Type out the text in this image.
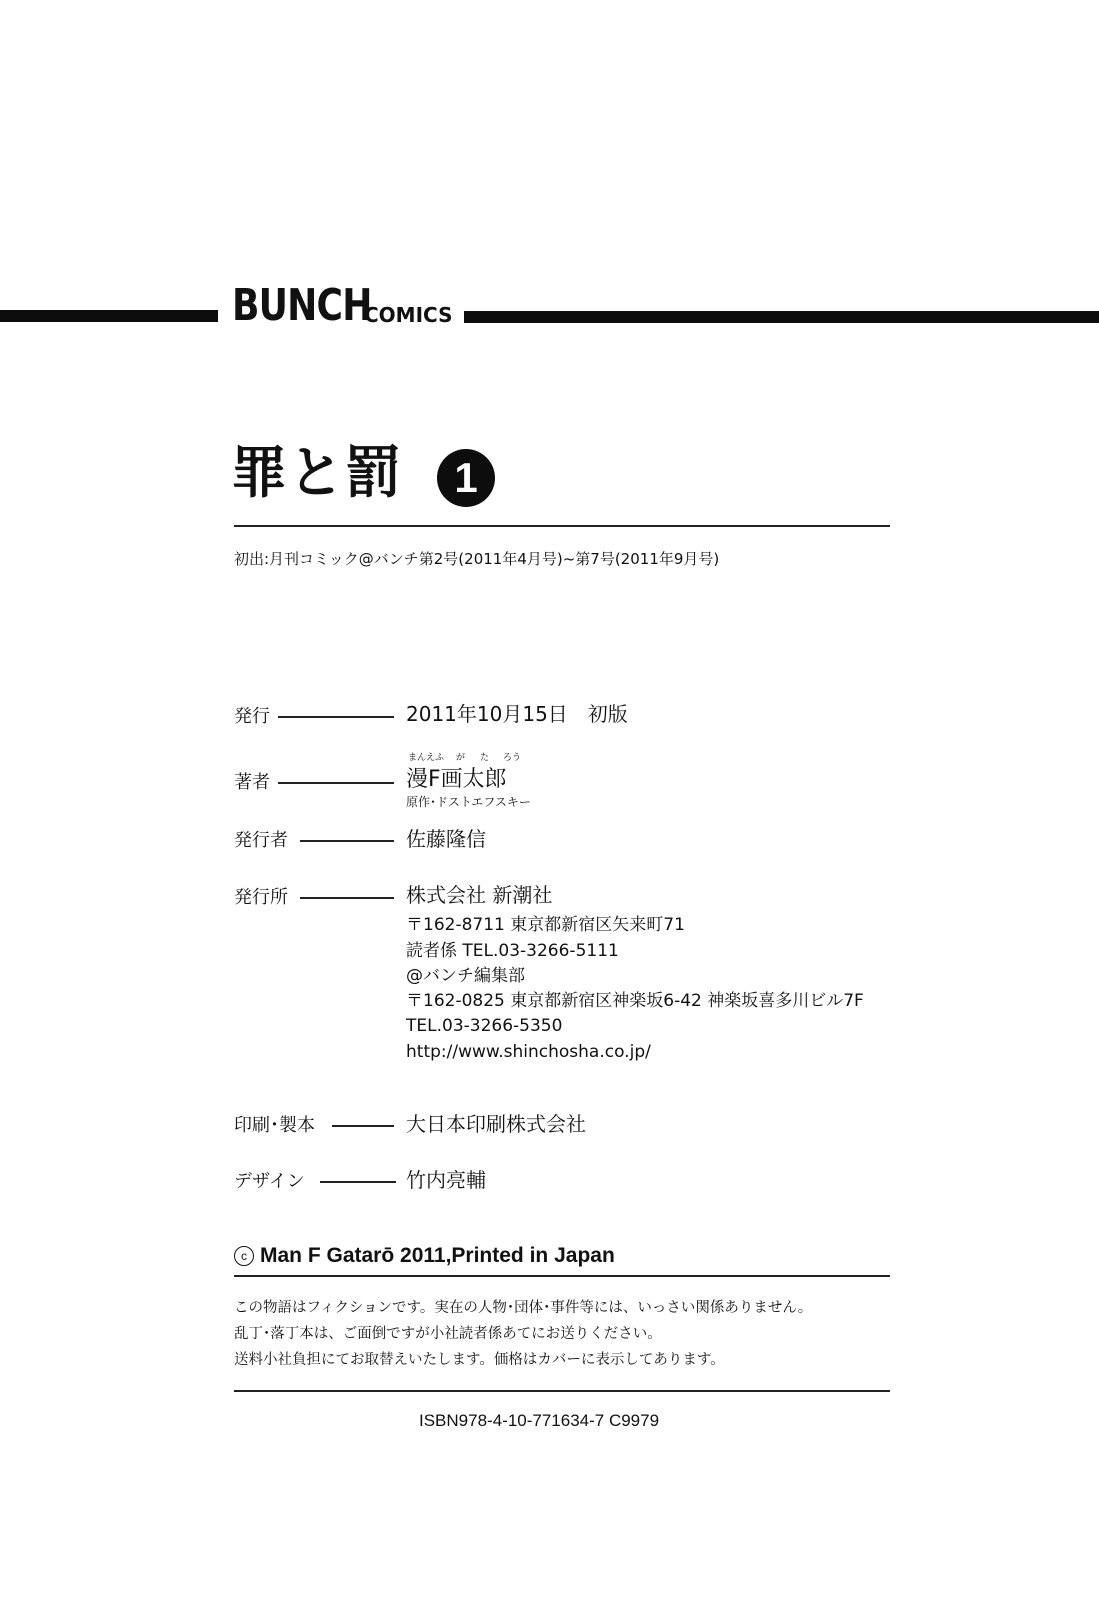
BUNCH
COMICS
罪と罰	1
初出:月刊コミック@バンチ第2号(2011年4月号)~第7号(2011年9月号)
発行	2011年10月15日　初版
まんえふ が た ろう
著者	漫F画太郎
原作･ドストエフスキー
発行者	佐藤隆信
発行所	株式会社 新潮社
〒162-8711 東京都新宿区矢来町71
読者係 TEL.03-3266-5111
@バンチ編集部
〒162-0825 東京都新宿区神楽坂6-42 神楽坂喜多川ビル7F
TEL.03-3266-5350
http://www.shinchosha.co.jp/
印刷･製本	大日本印刷株式会社
デザイン	竹内亮輔
c Man F Gatarō 2011,Printed in Japan
この物語はフィクションです。実在の人物･団体･事件等には、いっさい関係ありません。
乱丁･落丁本は、ご面倒ですが小社読者係あてにお送りください。
送料小社負担にてお取替えいたします。価格はカバーに表示してあります。
ISBN978-4-10-771634-7 C9979
